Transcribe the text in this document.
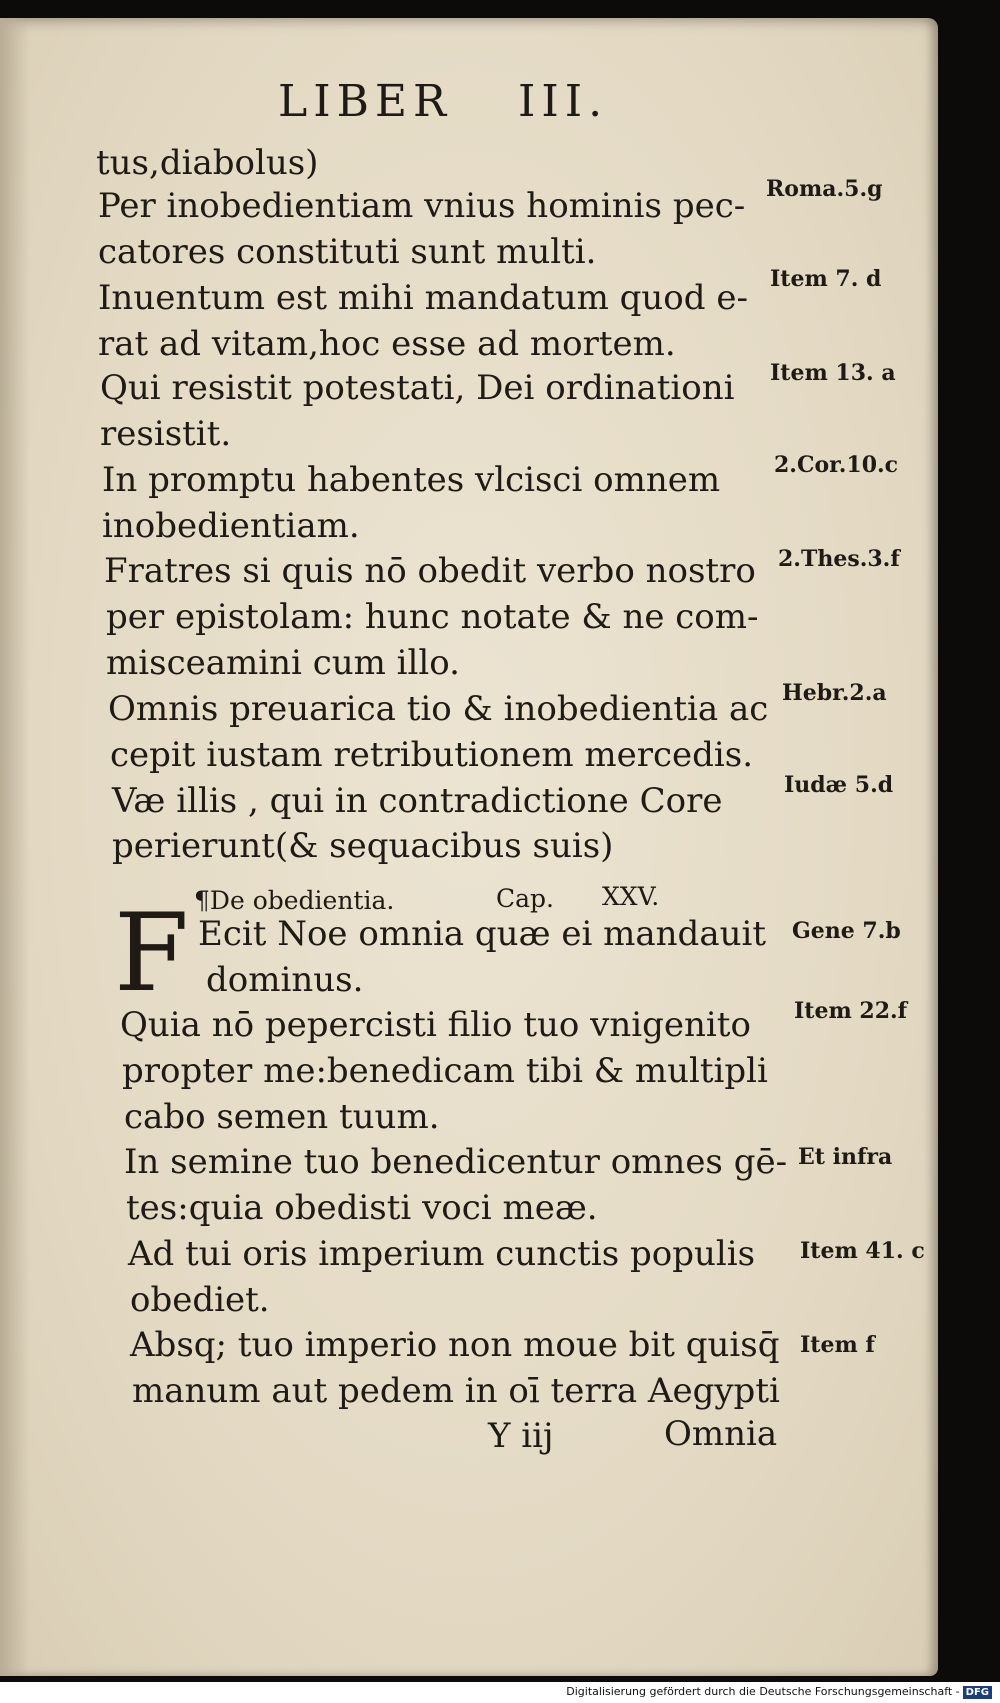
LIBER III.
tus,diabolus)
Per inobedientiam vnius hominis pec- Roma.5.g
catores constituti sunt multi.
Inuentum est mihi mandatum quod e- Item 7. d
rat ad vitam,hoc esse ad mortem.
Qui resistit potestati, Dei ordinationi Item 13. a
resistit.
In promptu habentes vlcisci omnem 2.Cor.10.c
inobedientiam.
Fratres si quis nō obedit verbo nostro 2.Thes.3.f
per epistolam: hunc notate & ne com-
misceamini cum illo.
Omnis preuarica tio & inobedientia ac Hebr.2.a
cepit iustam retributionem mercedis.
Væ illis , qui in contradictione Core	Iudæ 5.d
perierunt(& sequacibus suis)
¶De obedientia.	Cap. XXV.
F Ecit Noe omnia quæ ei mandauit Gene 7.b
dominus.
Quia nō pepercisti filio tuo vnigenito Item 22.f
propter me:benedicam tibi & multipli
cabo semen tuum.
In semine tuo benedicentur omnes gē- Et infra
tes:quia obedisti voci meæ.
Ad tui oris imperium cunctis populis Item 41. c
obediet.
Absq; tuo imperio non moue bit quisq̄ Item f
manum aut pedem in oī terra Aegypti
Y iij	Omnia
Digitalisierung gefördert durch die Deutsche Forschungsgemeinschaft - DFG
